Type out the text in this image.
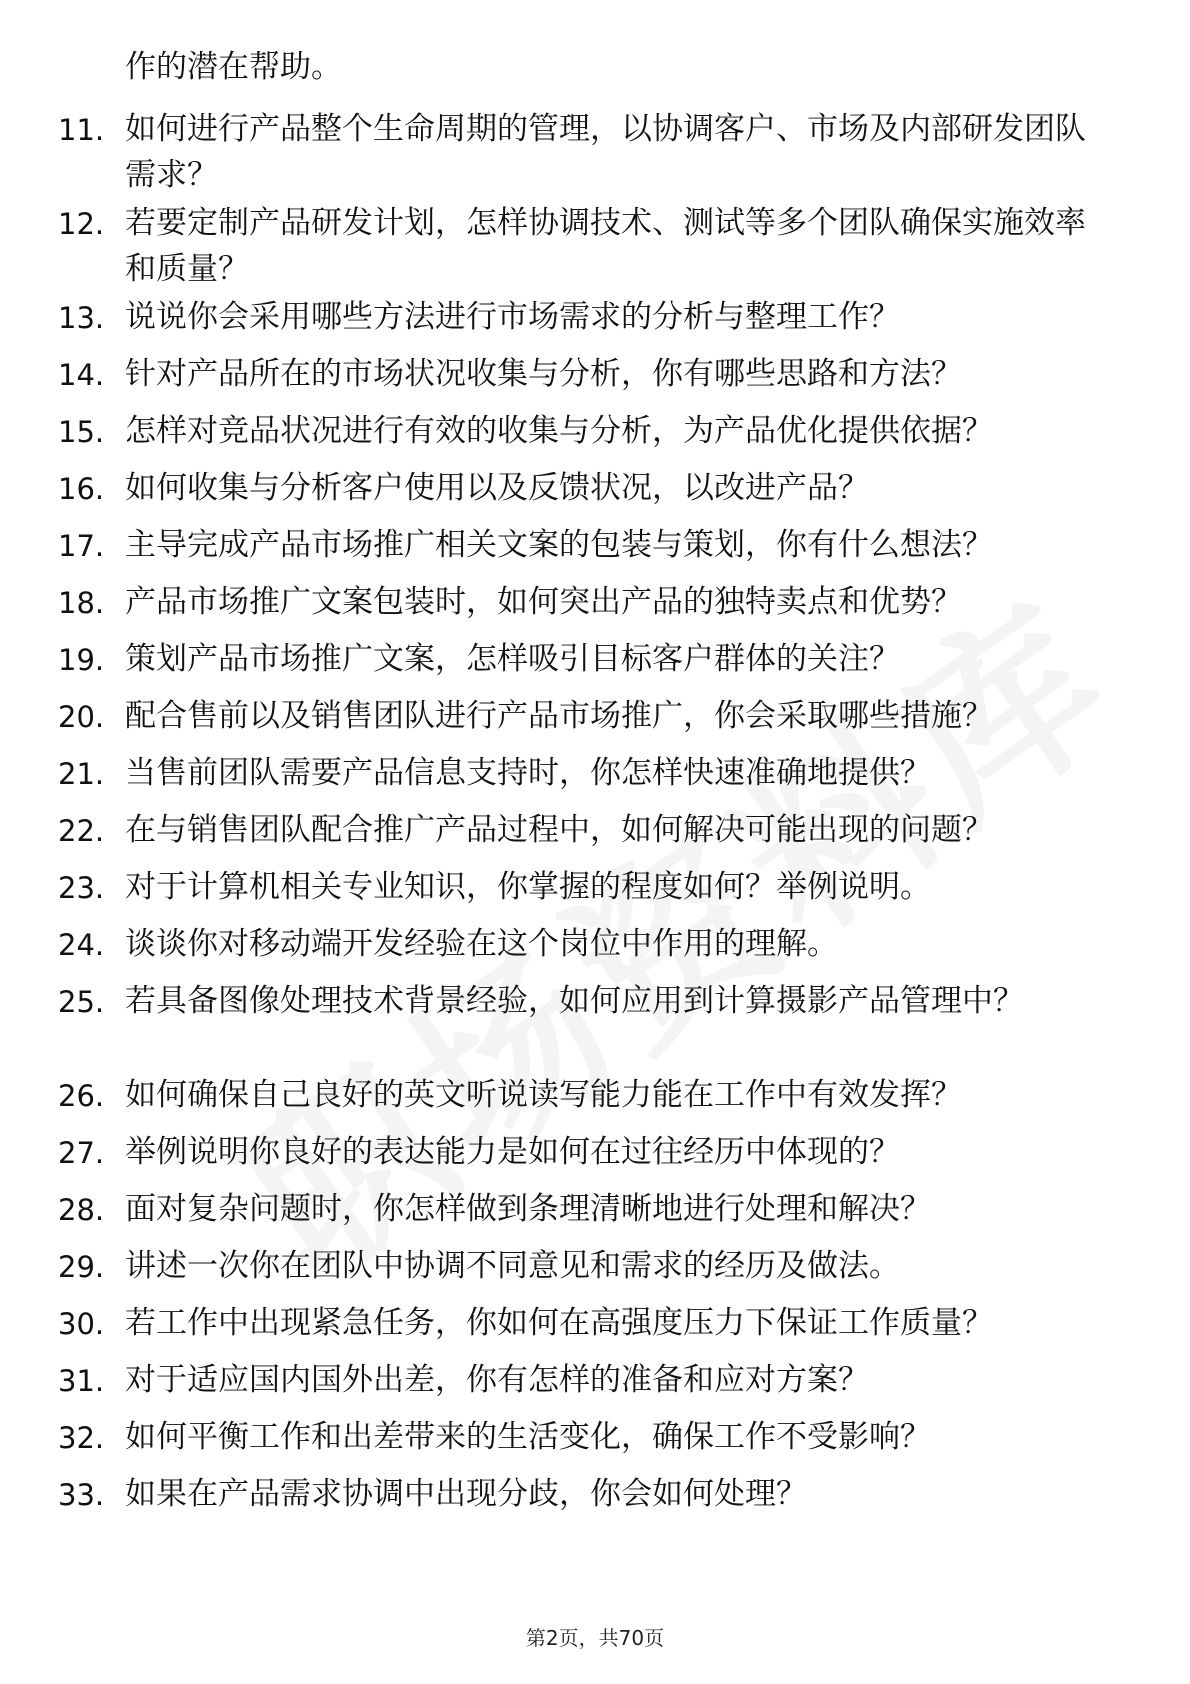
作的潜在帮助。
11. 如何进行产品整个生命周期的管理，以协调客户、市场及内部研发团队需求？
12. 若要定制产品研发计划，怎样协调技术、测试等多个团队确保实施效率和质量？
13. 说说你会采用哪些方法进行市场需求的分析与整理工作？
14. 针对产品所在的市场状况收集与分析，你有哪些思路和方法？
15. 怎样对竞品状况进行有效的收集与分析，为产品优化提供依据？
16. 如何收集与分析客户使用以及反馈状况，以改进产品？
17. 主导完成产品市场推广相关文案的包装与策划，你有什么想法？
18. 产品市场推广文案包装时，如何突出产品的独特卖点和优势？
19. 策划产品市场推广文案，怎样吸引目标客户群体的关注？
20. 配合售前以及销售团队进行产品市场推广，你会采取哪些措施？
21. 当售前团队需要产品信息支持时，你怎样快速准确地提供？
22. 在与销售团队配合推广产品过程中，如何解决可能出现的问题？
23. 对于计算机相关专业知识，你掌握的程度如何？举例说明。
24. 谈谈你对移动端开发经验在这个岗位中作用的理解。
25. 若具备图像处理技术背景经验，如何应用到计算摄影产品管理中？
26. 如何确保自己良好的英文听说读写能力能在工作中有效发挥？
27. 举例说明你良好的表达能力是如何在过往经历中体现的？
28. 面对复杂问题时，你怎样做到条理清晰地进行处理和解决？
29. 讲述一次你在团队中协调不同意见和需求的经历及做法。
30. 若工作中出现紧急任务，你如何在高强度压力下保证工作质量？
31. 对于适应国内国外出差，你有怎样的准备和应对方案？
32. 如何平衡工作和出差带来的生活变化，确保工作不受影响？
33. 如果在产品需求协调中出现分歧，你会如何处理？
第2页，共70页
